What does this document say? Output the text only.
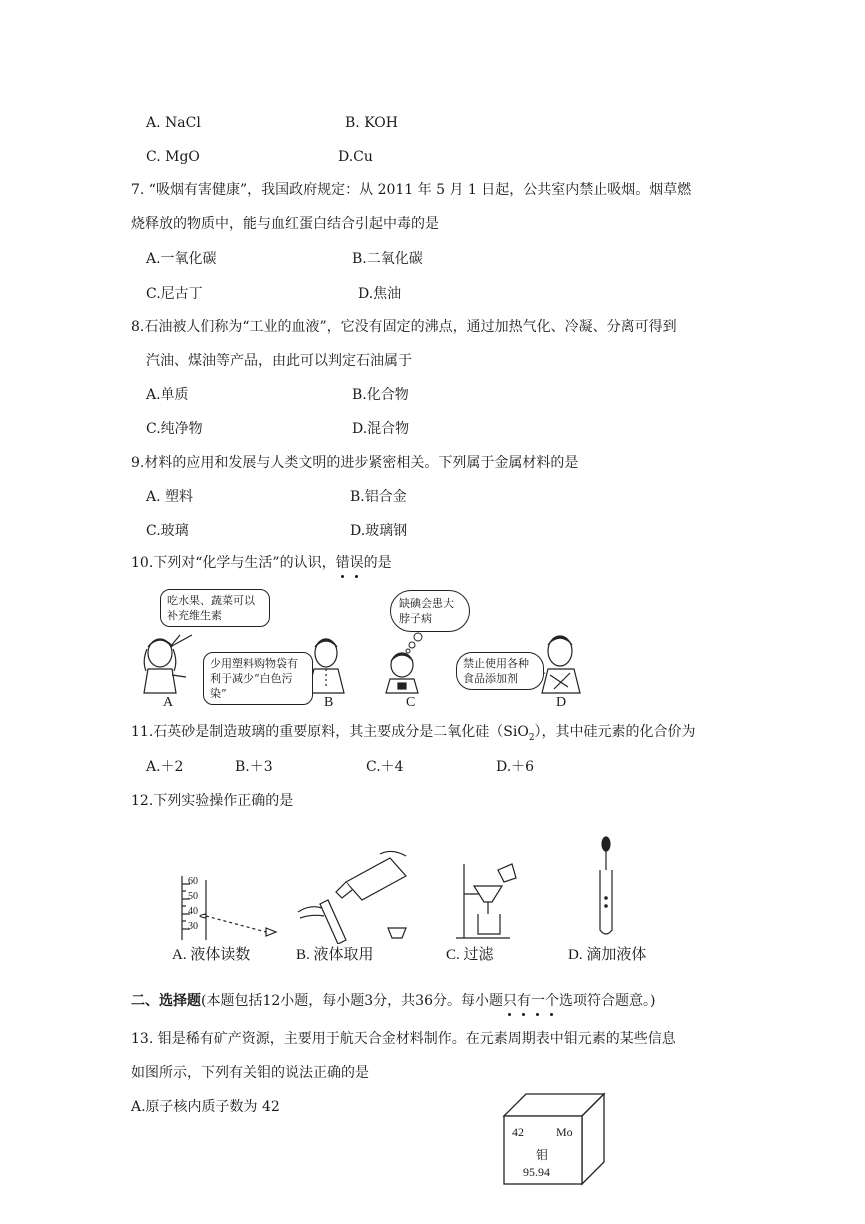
A. NaCl	B. KOH
C. MgO	D.Cu
7. “吸烟有害健康”，我国政府规定：从 2011 年 5 月 1 日起，公共室内禁止吸烟。烟草燃
烧释放的物质中，能与血红蛋白结合引起中毒的是
A.一氧化碳	B.二氧化碳
C.尼古丁	D.焦油
8.石油被人们称为“工业的血液”，它没有固定的沸点，通过加热气化、冷凝、分离可得到
汽油、煤油等产品，由此可以判定石油属于
A.单质	B.化合物
C.纯净物	D.混合物
9.材料的应用和发展与人类文明的进步紧密相关。下列属于金属材料的是
A. 塑料	B.铝合金
C.玻璃	D.玻璃钢
10.下列对“化学与生活”的认识，错误
的是
吃水果、蔬菜可以补充维生素
少用塑料购物袋有利于减少“白色污染”
缺碘会患大脖子病
禁止使用各种食品添加剂
A	B	C	D
11.石英砂是制造玻璃的重要原料，其主要成分是二氧化硅（SiO$_2$），其中硅元素的化合价为
A.＋2	B.＋3	C.＋4	D.＋6
12.下列实验操作正确的是
60
50
40
30
A. 液体读数	B. 液体取用	C. 过滤	D. 滴加液体
二、选择题(本题包括12小题，每小题3分，共36分。每小题只有一个
选项符合题意。)
13. 钼是稀有矿产资源，主要用于航天合金材料制作。在元素周期表中钼元素的某些信息
如图所示，下列有关钼的说法正确的是
A.原子核内质子数为 42
42	Mo
钼
95.94
